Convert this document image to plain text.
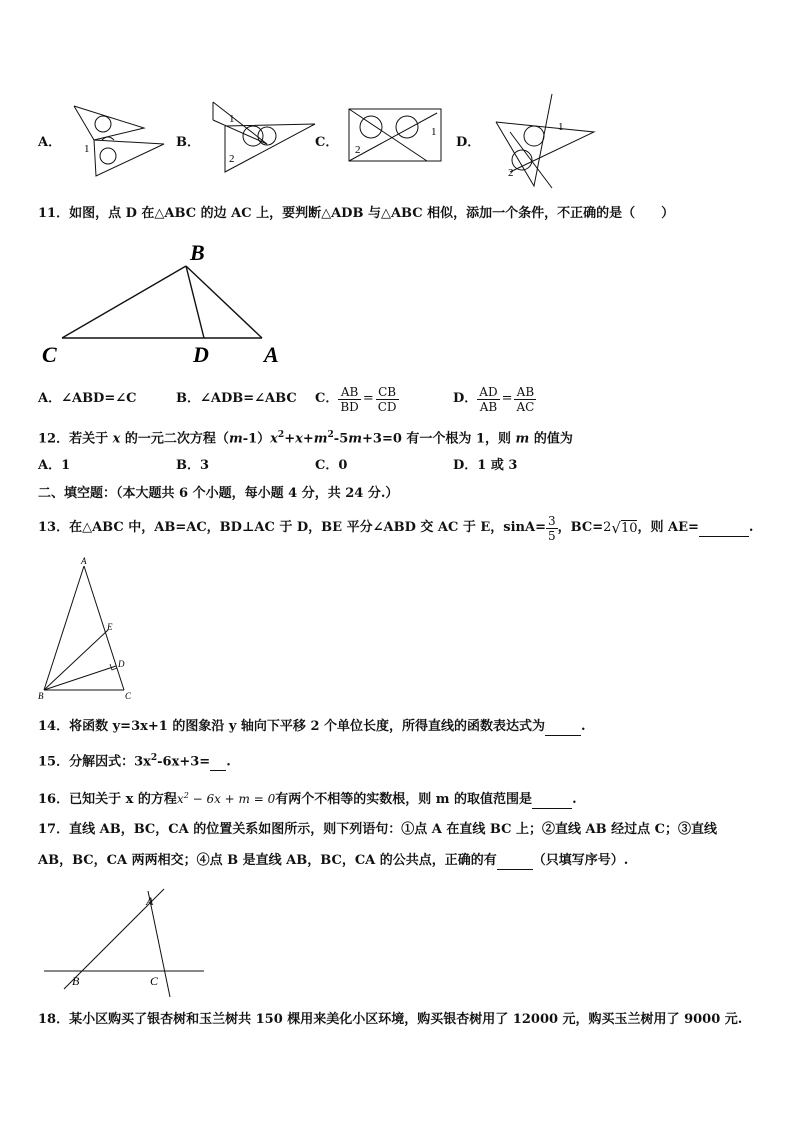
A． 1	B．
1
2
C．
1
2	D．
1
2
11．如图，点 D 在△ABC 的边 AC 上，要判断△ADB 与△ABC 相似，添加一个条件，不正确的是（　　）
B
C	D	A
A．∠ABD=∠C	B．∠ADB=∠ABC C． $\frac{AB}{BD} = \frac{CB}{CD}$	D． $\frac{AD}{AB} = \frac{AB}{AC}$
12．若关于 x 的一元二次方程$(m-1)x^2+x+m^2-5m+3=0$ 有一个根为 1，则 m 的值为
A．1	B．3	C．0	D．1 或 3
二、填空题：（本大题共 6 个小题，每小题 4 分，共 24 分.）
13．在△ABC 中，AB=AC，BD⊥AC 于 D，BE 平分∠ABD 交 AC 于 E，$\sin A= \frac{3}{5}$ ，BC= 2 √ 10 ，则 AE=
	.
A
E
D
B	C
14．将函数 y=3x+1 的图象沿 y 轴向下平移 2 个单位长度，所得直线的函数表达式为	.
15．分解因式：$3x^2-6x+3=$ .
16．已知关于 x 的方程$x^2 - 6x + m = 0$有两个不相等的实数根，则 m 的取值范围是	.
17．直线 AB，BC，CA 的位置关系如图所示，则下列语句：①点 A 在直线 BC 上；②直线 AB 经过点 C；③直线
AB，BC，CA 两两相交；④点 B 是直线 AB，BC，CA 的公共点，正确的有	（只填写序号）.
A
B	C
18．某小区购买了银杏树和玉兰树共 150 棵用来美化小区环境，购买银杏树用了 12000 元，购买玉兰树用了 9000 元.
